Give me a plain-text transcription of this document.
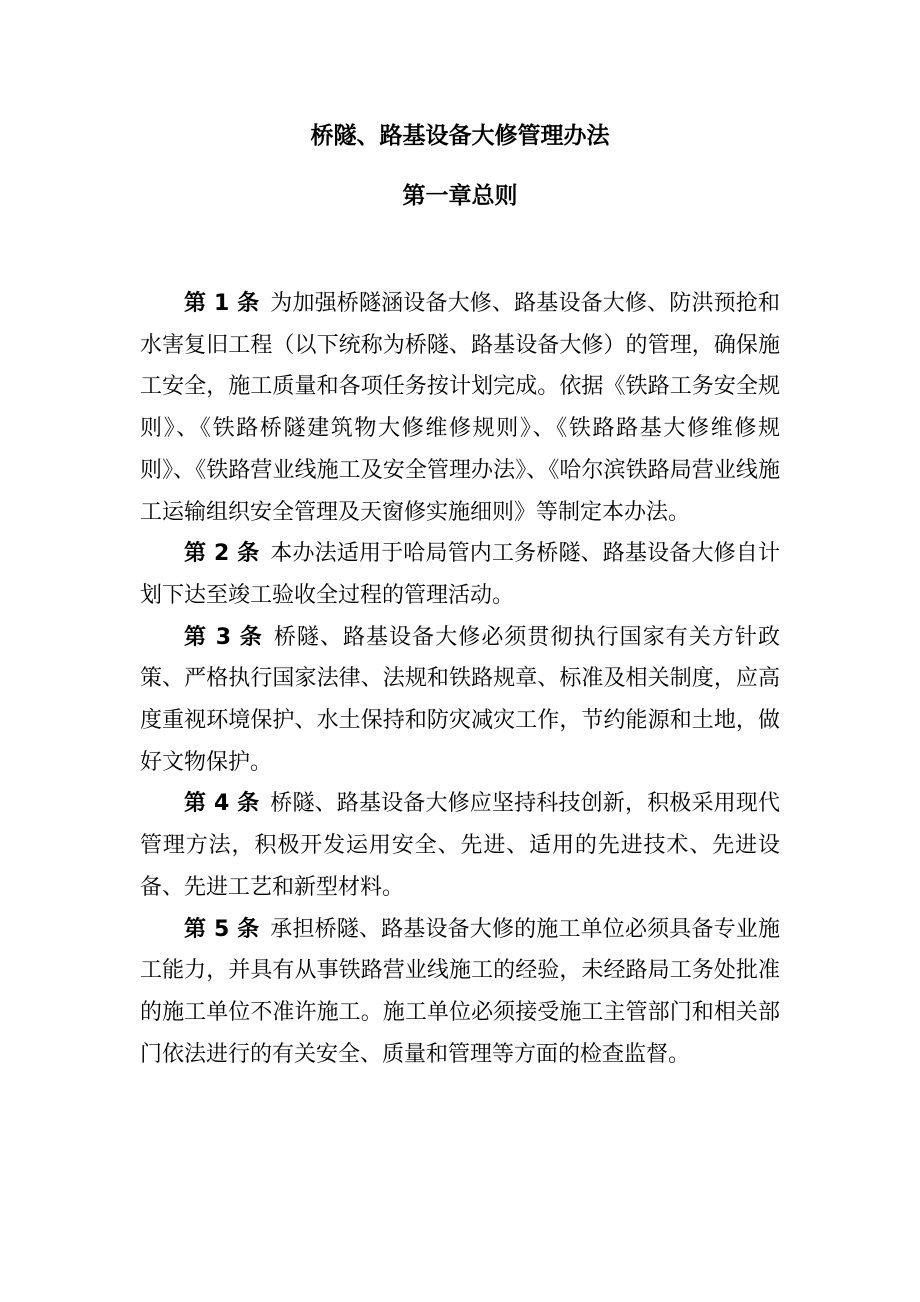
桥隧、路基设备大修管理办法
第一章总则

第 1 条 为加强桥隧涵设备大修、路基设备大修、防洪预抢和水害复旧工程（以下统称为桥隧、路基设备大修）的管理，确保施工安全，施工质量和各项任务按计划完成。依据《铁路工务安全规则》、《铁路桥隧建筑物大修维修规则》、《铁路路基大修维修规则》、《铁路营业线施工及安全管理办法》、《哈尔滨铁路局营业线施工运输组织安全管理及天窗修实施细则》等制定本办法。

第 2 条 本办法适用于哈局管内工务桥隧、路基设备大修自计划下达至竣工验收全过程的管理活动。

第 3 条 桥隧、路基设备大修必须贯彻执行国家有关方针政策、严格执行国家法律、法规和铁路规章、标准及相关制度，应高度重视环境保护、水土保持和防灾减灾工作，节约能源和土地，做好文物保护。

第 4 条 桥隧、路基设备大修应坚持科技创新，积极采用现代管理方法，积极开发运用安全、先进、适用的先进技术、先进设备、先进工艺和新型材料。

第 5 条 承担桥隧、路基设备大修的施工单位必须具备专业施工能力，并具有从事铁路营业线施工的经验，未经路局工务处批准的施工单位不准许施工。施工单位必须接受施工主管部门和相关部门依法进行的有关安全、质量和管理等方面的检查监督。
